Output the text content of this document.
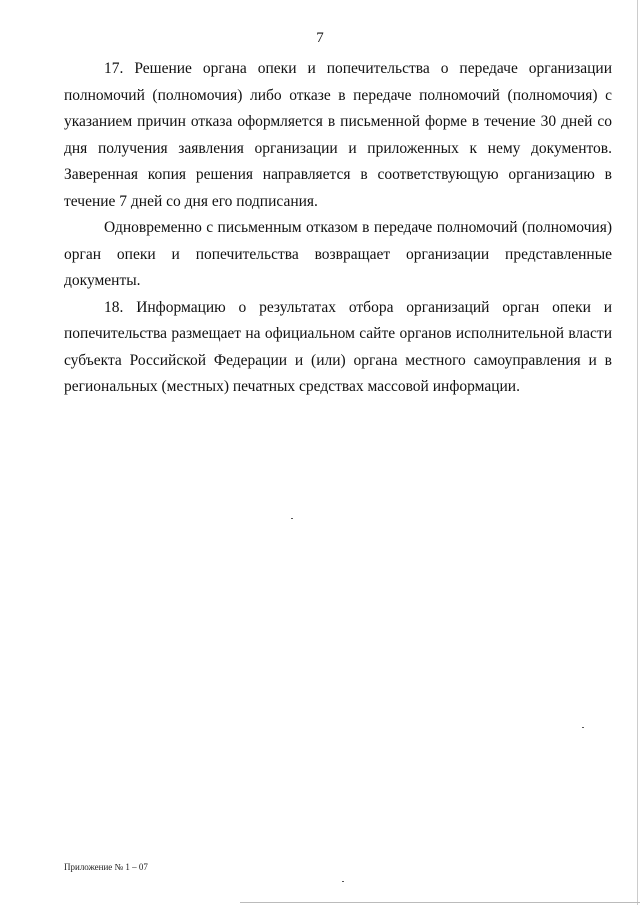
7

17. Решение органа опеки и попечительства о передаче организации полномочий (полномочия) либо отказе в передаче полномочий (полномочия) с указанием причин отказа оформляется в письменной форме в течение 30 дней со дня получения заявления организации и приложенных к нему документов. Заверенная копия решения направляется в соответствующую организацию в течение 7 дней со дня его подписания.

Одновременно с письменным отказом в передаче полномочий (полномочия) орган опеки и попечительства возвращает организации представленные документы.

18. Информацию о результатах отбора организаций орган опеки и попечительства размещает на официальном сайте органов исполнительной власти субъекта Российской Федерации и (или) органа местного самоуправления и в региональных (местных) печатных средствах массовой информации.

Приложение № 1 – 07
